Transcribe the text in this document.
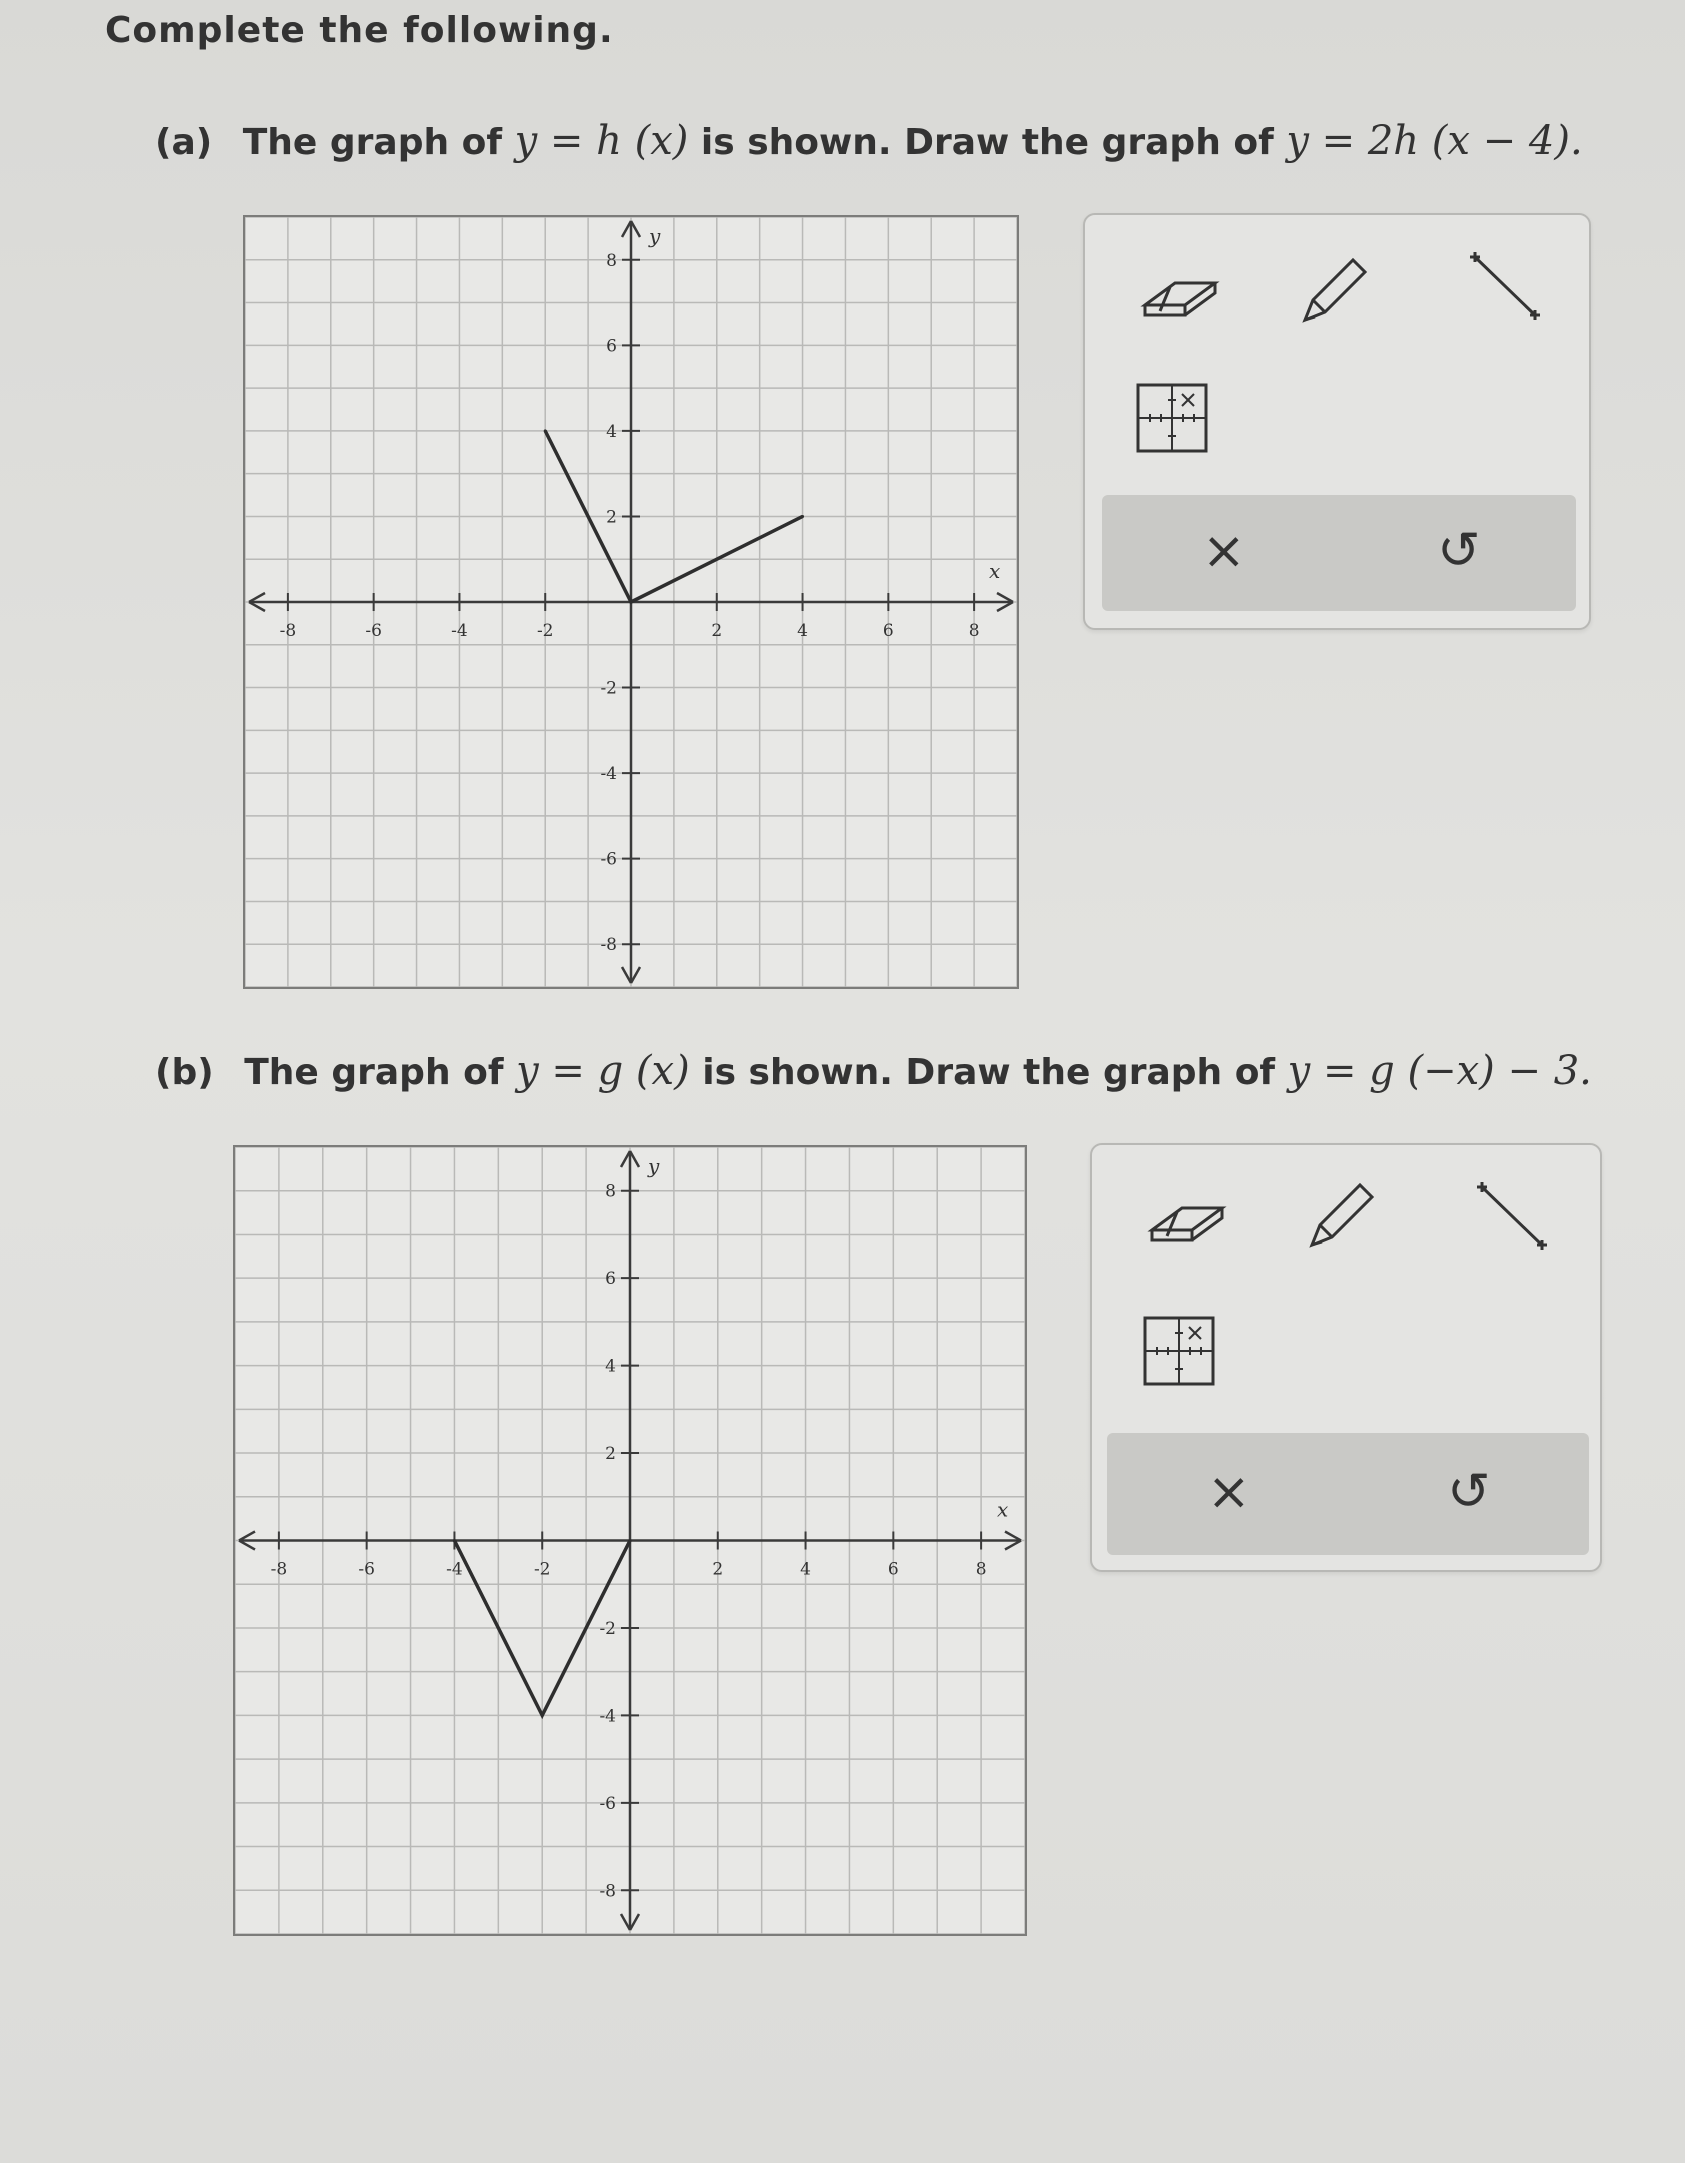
Complete the following.
(a) The graph of y = h (x) is shown. Draw the graph of y = 2h (x − 4).
-8	-6	-4	-2	2	4	6	8
8
6
4
2
-2
-4
-6
-8
x
y
×	↺
(b) The graph of y = g (x) is shown. Draw the graph of y = g (−x) − 3.
-8	-6	-4	-2	2	4	6	8
8
6
4
2
-2
-4
-6
-8
x
y
×	↺
